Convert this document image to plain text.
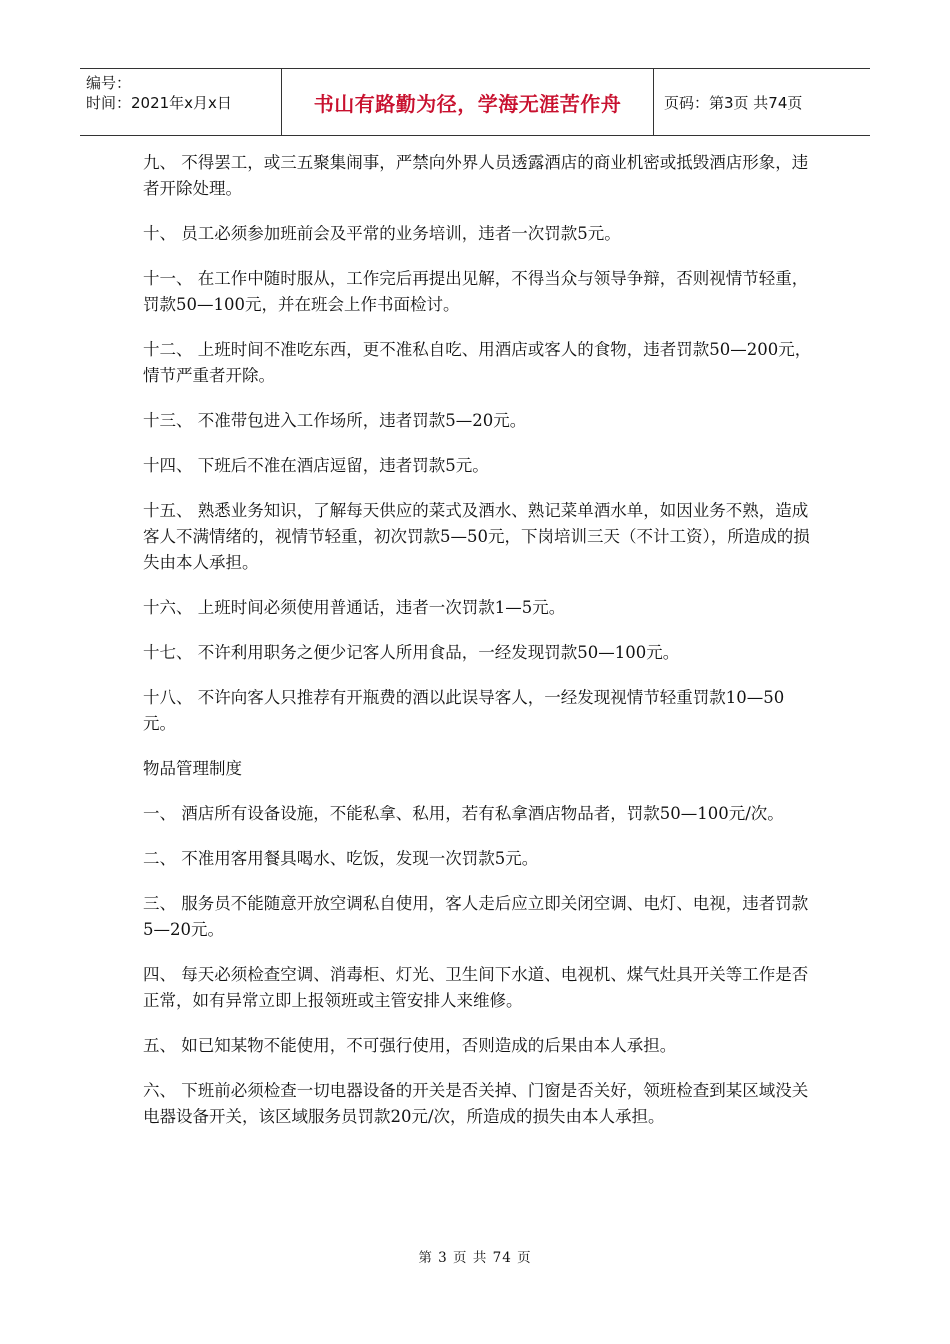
编号：
时间：2021年x月x日	书山有路勤为径，学海无涯苦作舟	页码：第3页 共74页

九、 不得罢工，或三五聚集闹事，严禁向外界人员透露酒店的商业机密或抵毁酒店形象，违者开除处理。

十、 员工必须参加班前会及平常的业务培训，违者一次罚款5元。

十一、 在工作中随时服从，工作完后再提出见解，不得当众与领导争辩，否则视情节轻重，罚款50—100元，并在班会上作书面检讨。

十二、 上班时间不准吃东西，更不准私自吃、用酒店或客人的食物，违者罚款50—200元，情节严重者开除。

十三、 不准带包进入工作场所，违者罚款5—20元。

十四、 下班后不准在酒店逗留，违者罚款5元。

十五、 熟悉业务知识，了解每天供应的菜式及酒水、熟记菜单酒水单，如因业务不熟，造成客人不满情绪的，视情节轻重，初次罚款5—50元，下岗培训三天（不计工资），所造成的损失由本人承担。

十六、 上班时间必须使用普通话，违者一次罚款1—5元。

十七、 不许利用职务之便少记客人所用食品，一经发现罚款50—100元。

十八、 不许向客人只推荐有开瓶费的酒以此误导客人，一经发现视情节轻重罚款10—50元。

物品管理制度

一、 酒店所有设备设施，不能私拿、私用，若有私拿酒店物品者，罚款50—100元/次。

二、 不准用客用餐具喝水、吃饭，发现一次罚款5元。

三、 服务员不能随意开放空调私自使用，客人走后应立即关闭空调、电灯、电视，违者罚款5—20元。

四、 每天必须检查空调、消毒柜、灯光、卫生间下水道、电视机、煤气灶具开关等工作是否正常，如有异常立即上报领班或主管安排人来维修。

五、 如已知某物不能使用，不可强行使用，否则造成的后果由本人承担。

六、 下班前必须检查一切电器设备的开关是否关掉、门窗是否关好，领班检查到某区域没关电器设备开关，该区域服务员罚款20元/次，所造成的损失由本人承担。

第 3 页 共 74 页
